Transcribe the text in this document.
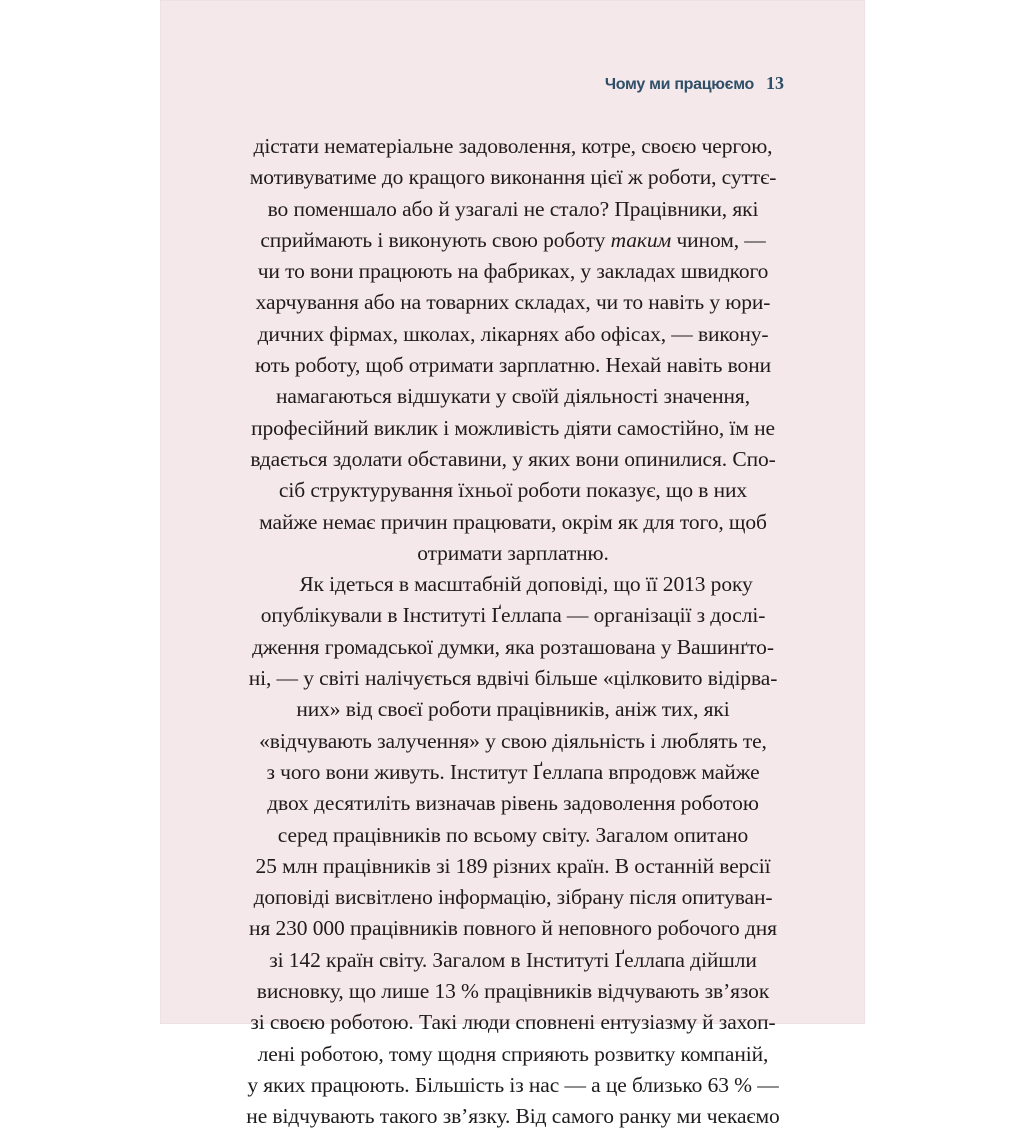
Чому ми працюємо 13
дістати нематеріальне задоволення, котре, своєю чергою,
мотивуватиме до кращого виконання цієї ж роботи, суттє-
во поменшало або й узагалі не стало? Працівники, які
сприймають і виконують свою роботу таким чином, —
чи то вони працюють на фабриках, у закладах швидкого
харчування або на товарних складах, чи то навіть у юри-
дичних фірмах, школах, лікарнях або офісах, — викону-
ють роботу, щоб отримати зарплатню. Нехай навіть вони
намагаються відшукати у своїй діяльності значення,
професійний виклик і можливість діяти самостійно, їм не
вдається здолати обставини, у яких вони опинилися. Спо-
сіб структурування їхньої роботи показує, що в них
майже немає причин працювати, окрім як для того, щоб
отримати зарплатню.
Як ідеться в масштабній доповіді, що її 2013 року
опублікували в Інституті Ґеллапа — організації з дослі-
дження громадської думки, яка розташована у Вашинґто-
ні, — у світі налічується вдвічі більше «цілковито відірва-
них» від своєї роботи працівників, аніж тих, які
«відчувають залучення» у свою діяльність і люблять те,
з чого вони живуть. Інститут Ґеллапа впродовж майже
двох десятиліть визначав рівень задоволення роботою
серед працівників по всьому світу. Загалом опитано
25 млн працівників зі 189 різних країн. В останній версії
доповіді висвітлено інформацію, зібрану після опитуван-
ня 230 000 працівників повного й неповного робочого дня
зі 142 країн світу. Загалом в Інституті Ґеллапа дійшли
висновку, що лише 13 % працівників відчувають зв’язок
зі своєю роботою. Такі люди сповнені ентузіазму й захоп-
лені роботою, тому щодня сприяють розвитку компаній,
у яких працюють. Більшість із нас — а це близько 63 % —
не відчувають такого зв’язку. Від самого ранку ми чекаємо
